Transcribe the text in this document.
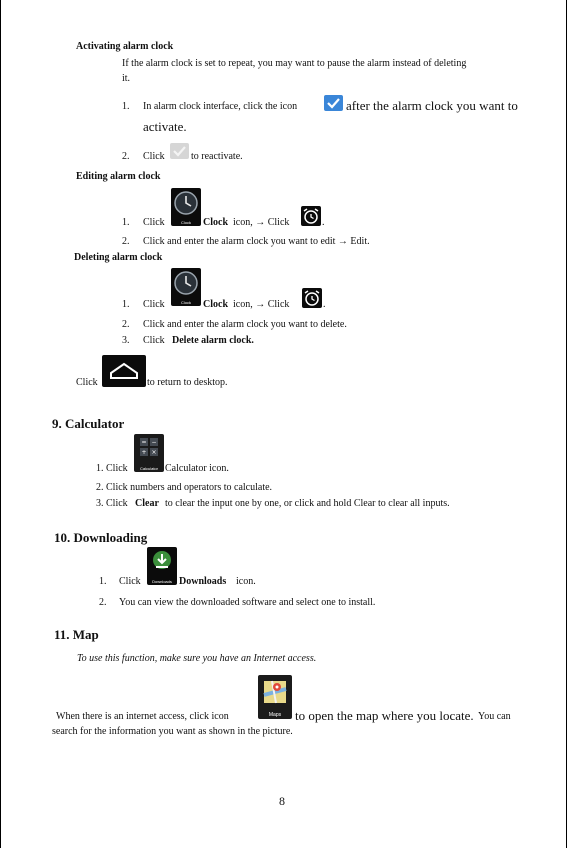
Activating alarm clock
If the alarm clock is set to repeat, you may want to pause the alarm instead of deleting
it.
1. In alarm clock interface, click the icon	after the alarm clock you want to
activate.
2. Click	to reactivate.
Editing alarm clock
1. Click	Clock	Clock icon, → Click	.
2. Click and enter the alarm clock you want to edit → Edit.
Deleting alarm clock
1. Click	Clock	Clock icon, → Click	.
2. Click and enter the alarm clock you want to delete.
3. Click Delete alarm clock.
Click	to return to desktop.
9. Calculator
1. Click
= −
+ ×
Calculator Calculator icon.
2. Click numbers and operators to calculate.
3. Click Clear to clear the input one by one, or click and hold Clear to clear all inputs.
10. Downloading
1. Click	Downloads Downloads icon.
2. You can view the downloaded software and select one to install.
11. Map
To use this function, make sure you have an Internet access.
When there is an internet access, click icon	Maps	to open the map where you locate. You can
search for the information you want as shown in the picture.
8
